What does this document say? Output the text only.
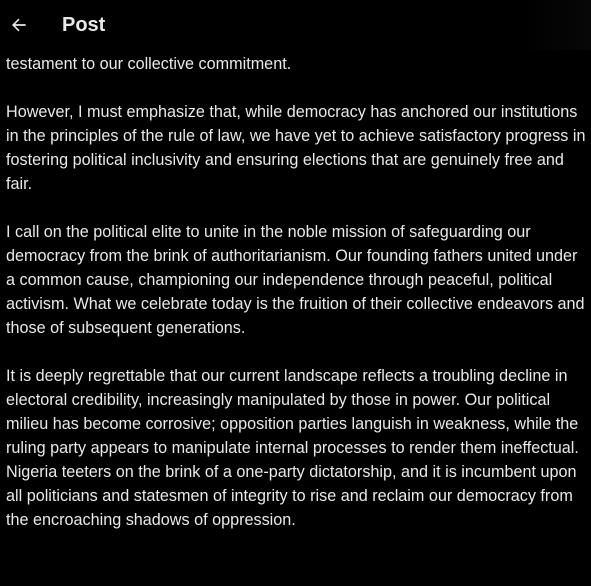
Post

testament to our collective commitment.

However, I must emphasize that, while democracy has anchored our institutions in the principles of the rule of law, we have yet to achieve satisfactory progress in fostering political inclusivity and ensuring elections that are genuinely free and fair.

I call on the political elite to unite in the noble mission of safeguarding our democracy from the brink of authoritarianism. Our founding fathers united under a common cause, championing our independence through peaceful, political activism. What we celebrate today is the fruition of their collective endeavors and those of subsequent generations.

It is deeply regrettable that our current landscape reflects a troubling decline in electoral credibility, increasingly manipulated by those in power. Our political milieu has become corrosive; opposition parties languish in weakness, while the ruling party appears to manipulate internal processes to render them ineffectual. Nigeria teeters on the brink of a one-party dictatorship, and it is incumbent upon all politicians and statesmen of integrity to rise and reclaim our democracy from the encroaching shadows of oppression.
